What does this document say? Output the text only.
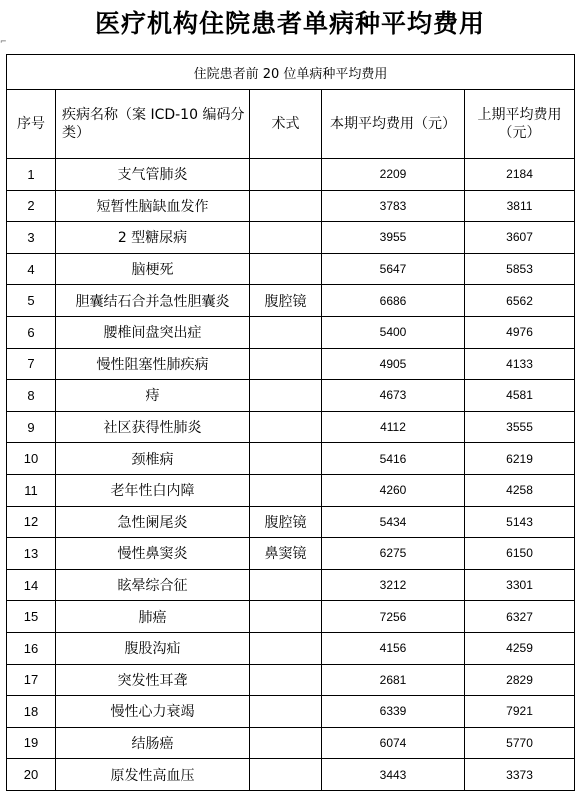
医疗机构住院患者单病种平均费用
⌐
住院患者前 20 位单病种平均费用				
序号	疾病名称（案 ICD-10 编码分类）	术式	本期平均费用（元）	上期平均费用（元）
1	支气管肺炎		2209	2184
2	短暂性脑缺血发作		3783	3811
3	2 型糖尿病		3955	3607
4	脑梗死		5647	5853
5	胆囊结石合并急性胆囊炎	腹腔镜	6686	6562
6	腰椎间盘突出症		5400	4976
7	慢性阻塞性肺疾病		4905	4133
8	痔		4673	4581
9	社区获得性肺炎		4112	3555
10	颈椎病		5416	6219
11	老年性白内障		4260	4258
12	急性阑尾炎	腹腔镜	5434	5143
13	慢性鼻窦炎	鼻窦镜	6275	6150
14	眩晕综合征		3212	3301
15	肺癌		7256	6327
16	腹股沟疝		4156	4259
17	突发性耳聋		2681	2829
18	慢性心力衰竭		6339	7921
19	结肠癌		6074	5770
20	原发性高血压		3443	3373
